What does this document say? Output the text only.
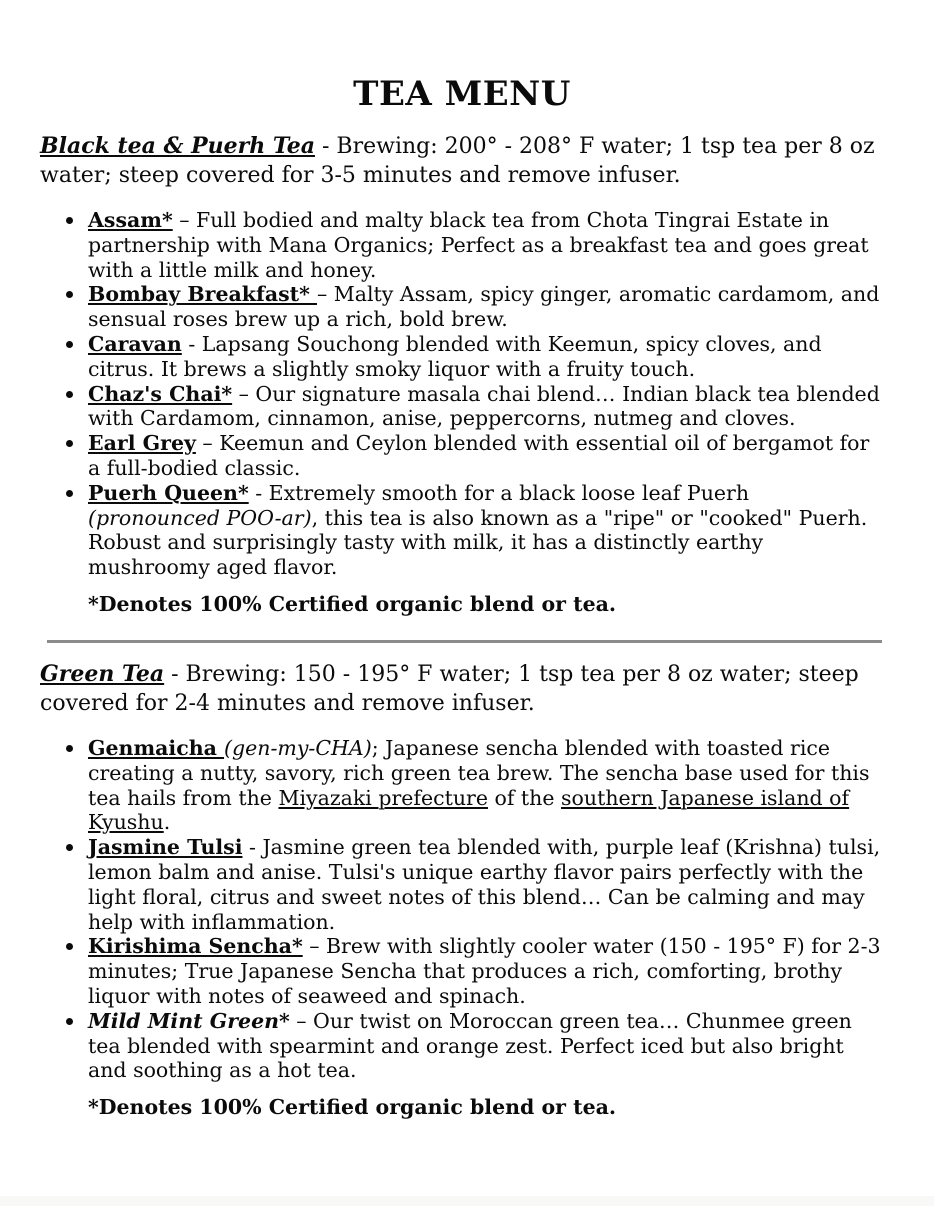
TEA MENU

Black tea & Puerh Tea - Brewing: 200° - 208° F water; 1 tsp tea per 8 oz water; steep covered for 3-5 minutes and remove infuser.

Assam* – Full bodied and malty black tea from Chota Tingrai Estate in partnership with Mana Organics; Perfect as a breakfast tea and goes great with a little milk and honey.
Bombay Breakfast* – Malty Assam, spicy ginger, aromatic cardamom, and sensual roses brew up a rich, bold brew.
Caravan - Lapsang Souchong blended with Keemun, spicy cloves, and citrus. It brews a slightly smoky liquor with a fruity touch.
Chaz's Chai* – Our signature masala chai blend… Indian black tea blended with Cardamom, cinnamon, anise, peppercorns, nutmeg and cloves.
Earl Grey – Keemun and Ceylon blended with essential oil of bergamot for a full-bodied classic.
Puerh Queen* - Extremely smooth for a black loose leaf Puerh (pronounced POO-ar), this tea is also known as a "ripe" or "cooked" Puerh. Robust and surprisingly tasty with milk, it has a distinctly earthy mushroomy aged flavor.

*Denotes 100% Certified organic blend or tea.

Green Tea - Brewing: 150 - 195° F water; 1 tsp tea per 8 oz water; steep covered for 2-4 minutes and remove infuser.

Genmaicha (gen-my-CHA); Japanese sencha blended with toasted rice creating a nutty, savory, rich green tea brew. The sencha base used for this tea hails from the Miyazaki prefecture of the southern Japanese island of Kyushu.
Jasmine Tulsi - Jasmine green tea blended with, purple leaf (Krishna) tulsi, lemon balm and anise. Tulsi's unique earthy flavor pairs perfectly with the light floral, citrus and sweet notes of this blend… Can be calming and may help with inflammation.
Kirishima Sencha* – Brew with slightly cooler water (150 - 195° F) for 2-3 minutes; True Japanese Sencha that produces a rich, comforting, brothy liquor with notes of seaweed and spinach.
Mild Mint Green* – Our twist on Moroccan green tea… Chunmee green tea blended with spearmint and orange zest. Perfect iced but also bright and soothing as a hot tea.

*Denotes 100% Certified organic blend or tea.
